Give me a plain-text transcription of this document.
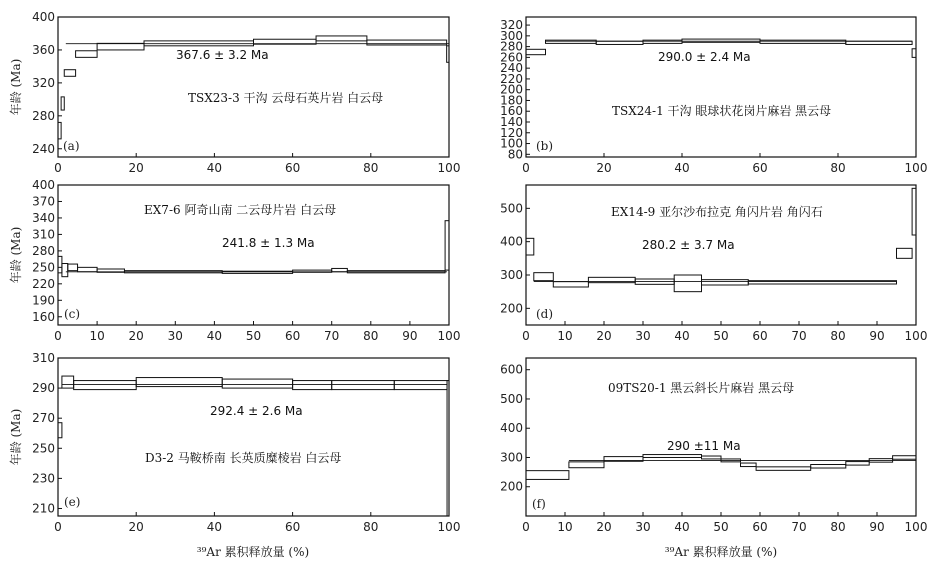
0	20	40	60	80	100
240
280
320
360
400
TSX23-3 干沟 云母石英片岩 白云母
367.6 ± 3.2 Ma
(a)
年龄 (Ma)
0	20	40	60	80	100
80
100
120
140
160
180
200
220
240
260
280
300
320
TSX24-1 干沟 眼球状花岗片麻岩 黑云母
290.0 ± 2.4 Ma
(b)
0 10 20 30 40 50 60 70 80 90 100
160
190
220
250
280
310
340
370
400
EX7-6 阿奇山南 二云母片岩 白云母
241.8 ± 1.3 Ma
(c)
年龄 (Ma)
0 10 20 30 40 50 60 70 80 90 100
200
300
400
500	EX14-9 亚尔沙布拉克 角闪片岩 角闪石
280.2 ± 3.7 Ma
(d)
0	20	40	60	80	100
210
230
250
270
290
310
D3-2 马鞍桥南 长英质糜棱岩 白云母
292.4 ± 2.6 Ma
(e)
年龄 (Ma)
³⁹Ar 累积释放量 (%)
0 10 20 30 40 50 60 70 80 90 100
200
300
400
500
600
09TS20-1 黑云斜长片麻岩 黑云母
290 ±11 Ma
(f)
³⁹Ar 累积释放量 (%)
